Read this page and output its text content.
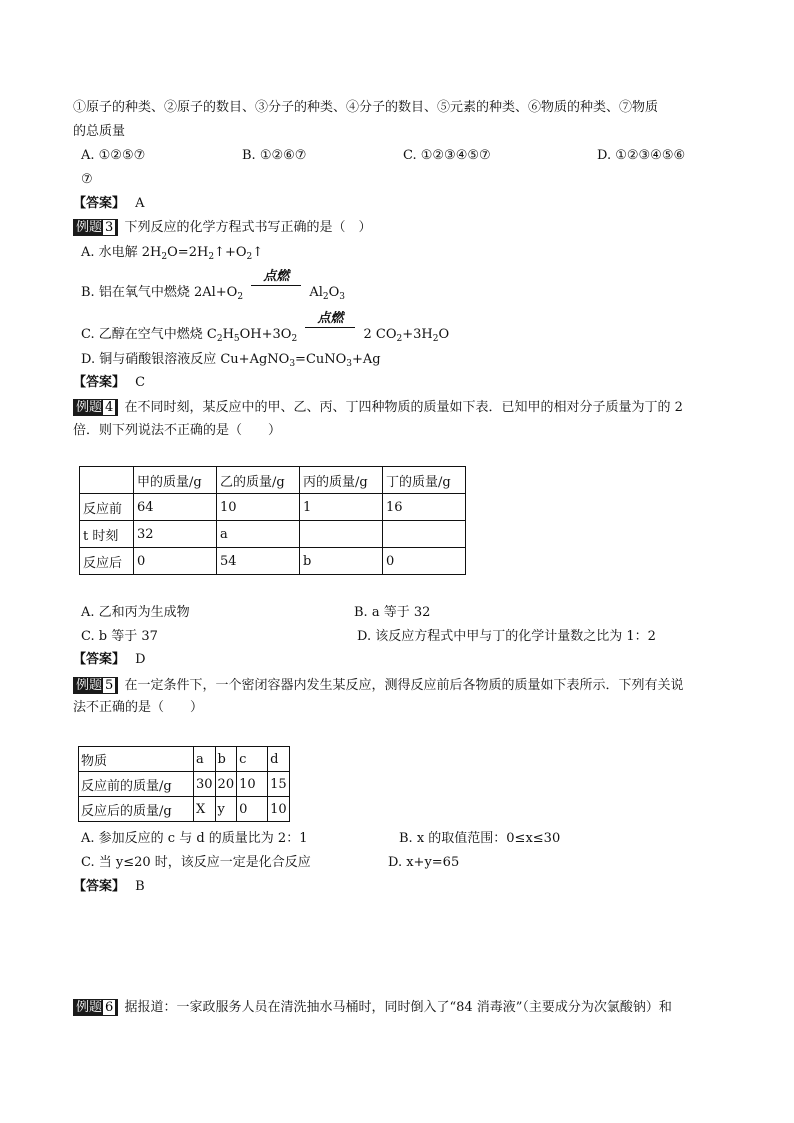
①原子的种类、②原子的数目、③分子的种类、④分子的数目、⑤元素的种类、⑥物质的种类、⑦物质
的总质量
A. ①②⑤⑦	B. ①②⑥⑦	C. ①②③④⑤⑦	D. ①②③④⑤⑥
⑦
【答案】 A
例题 3 下列反应的化学方程式书写正确的是（　）
A. 水电解 $2H_2O=2H_2↑+O_2↑$
B. 铝在氧气中燃烧 $2Al+O_2$
点燃
$Al_2O_3$
C. 乙醇在空气中燃烧 $C_2H_5OH+3O_2$
点燃
2 $CO_2+3H_2O$
D. 铜与硝酸银溶液反应 Cu+AgNO$_3$=CuNO$_3$+Ag
【答案】 C
例题 4 在不同时刻，某反应中的甲、乙、丙、丁四种物质的质量如下表．已知甲的相对分子质量为丁的 2
倍．则下列说法不正确的是（　　）
	甲的质量/g	乙的质量/g	丙的质量/g	丁的质量/g
反应前	64	10	1	16
t 时刻	32	a		
反应后	0	54	b	0
A. 乙和丙为生成物	B. a 等于 32
C. b 等于 37	D. 该反应方程式中甲与丁的化学计量数之比为 1：2
【答案】 D
例题 5 在一定条件下，一个密闭容器内发生某反应，测得反应前后各物质的质量如下表所示．下列有关说
法不正确的是（　　）
物质	a	b	c	d
反应前的质量/g	30	20	10	15
反应后的质量/g	X	y	0	10
A. 参加反应的 c 与 d 的质量比为 2：1	B. x 的取值范围：0≤x≤30
C. 当 y≤20 时，该反应一定是化合反应	D. x+y=65
【答案】 B
例题 6 据报道：一家政服务人员在清洗抽水马桶时，同时倒入了“84 消毒液”（主要成分为次氯酸钠）和
